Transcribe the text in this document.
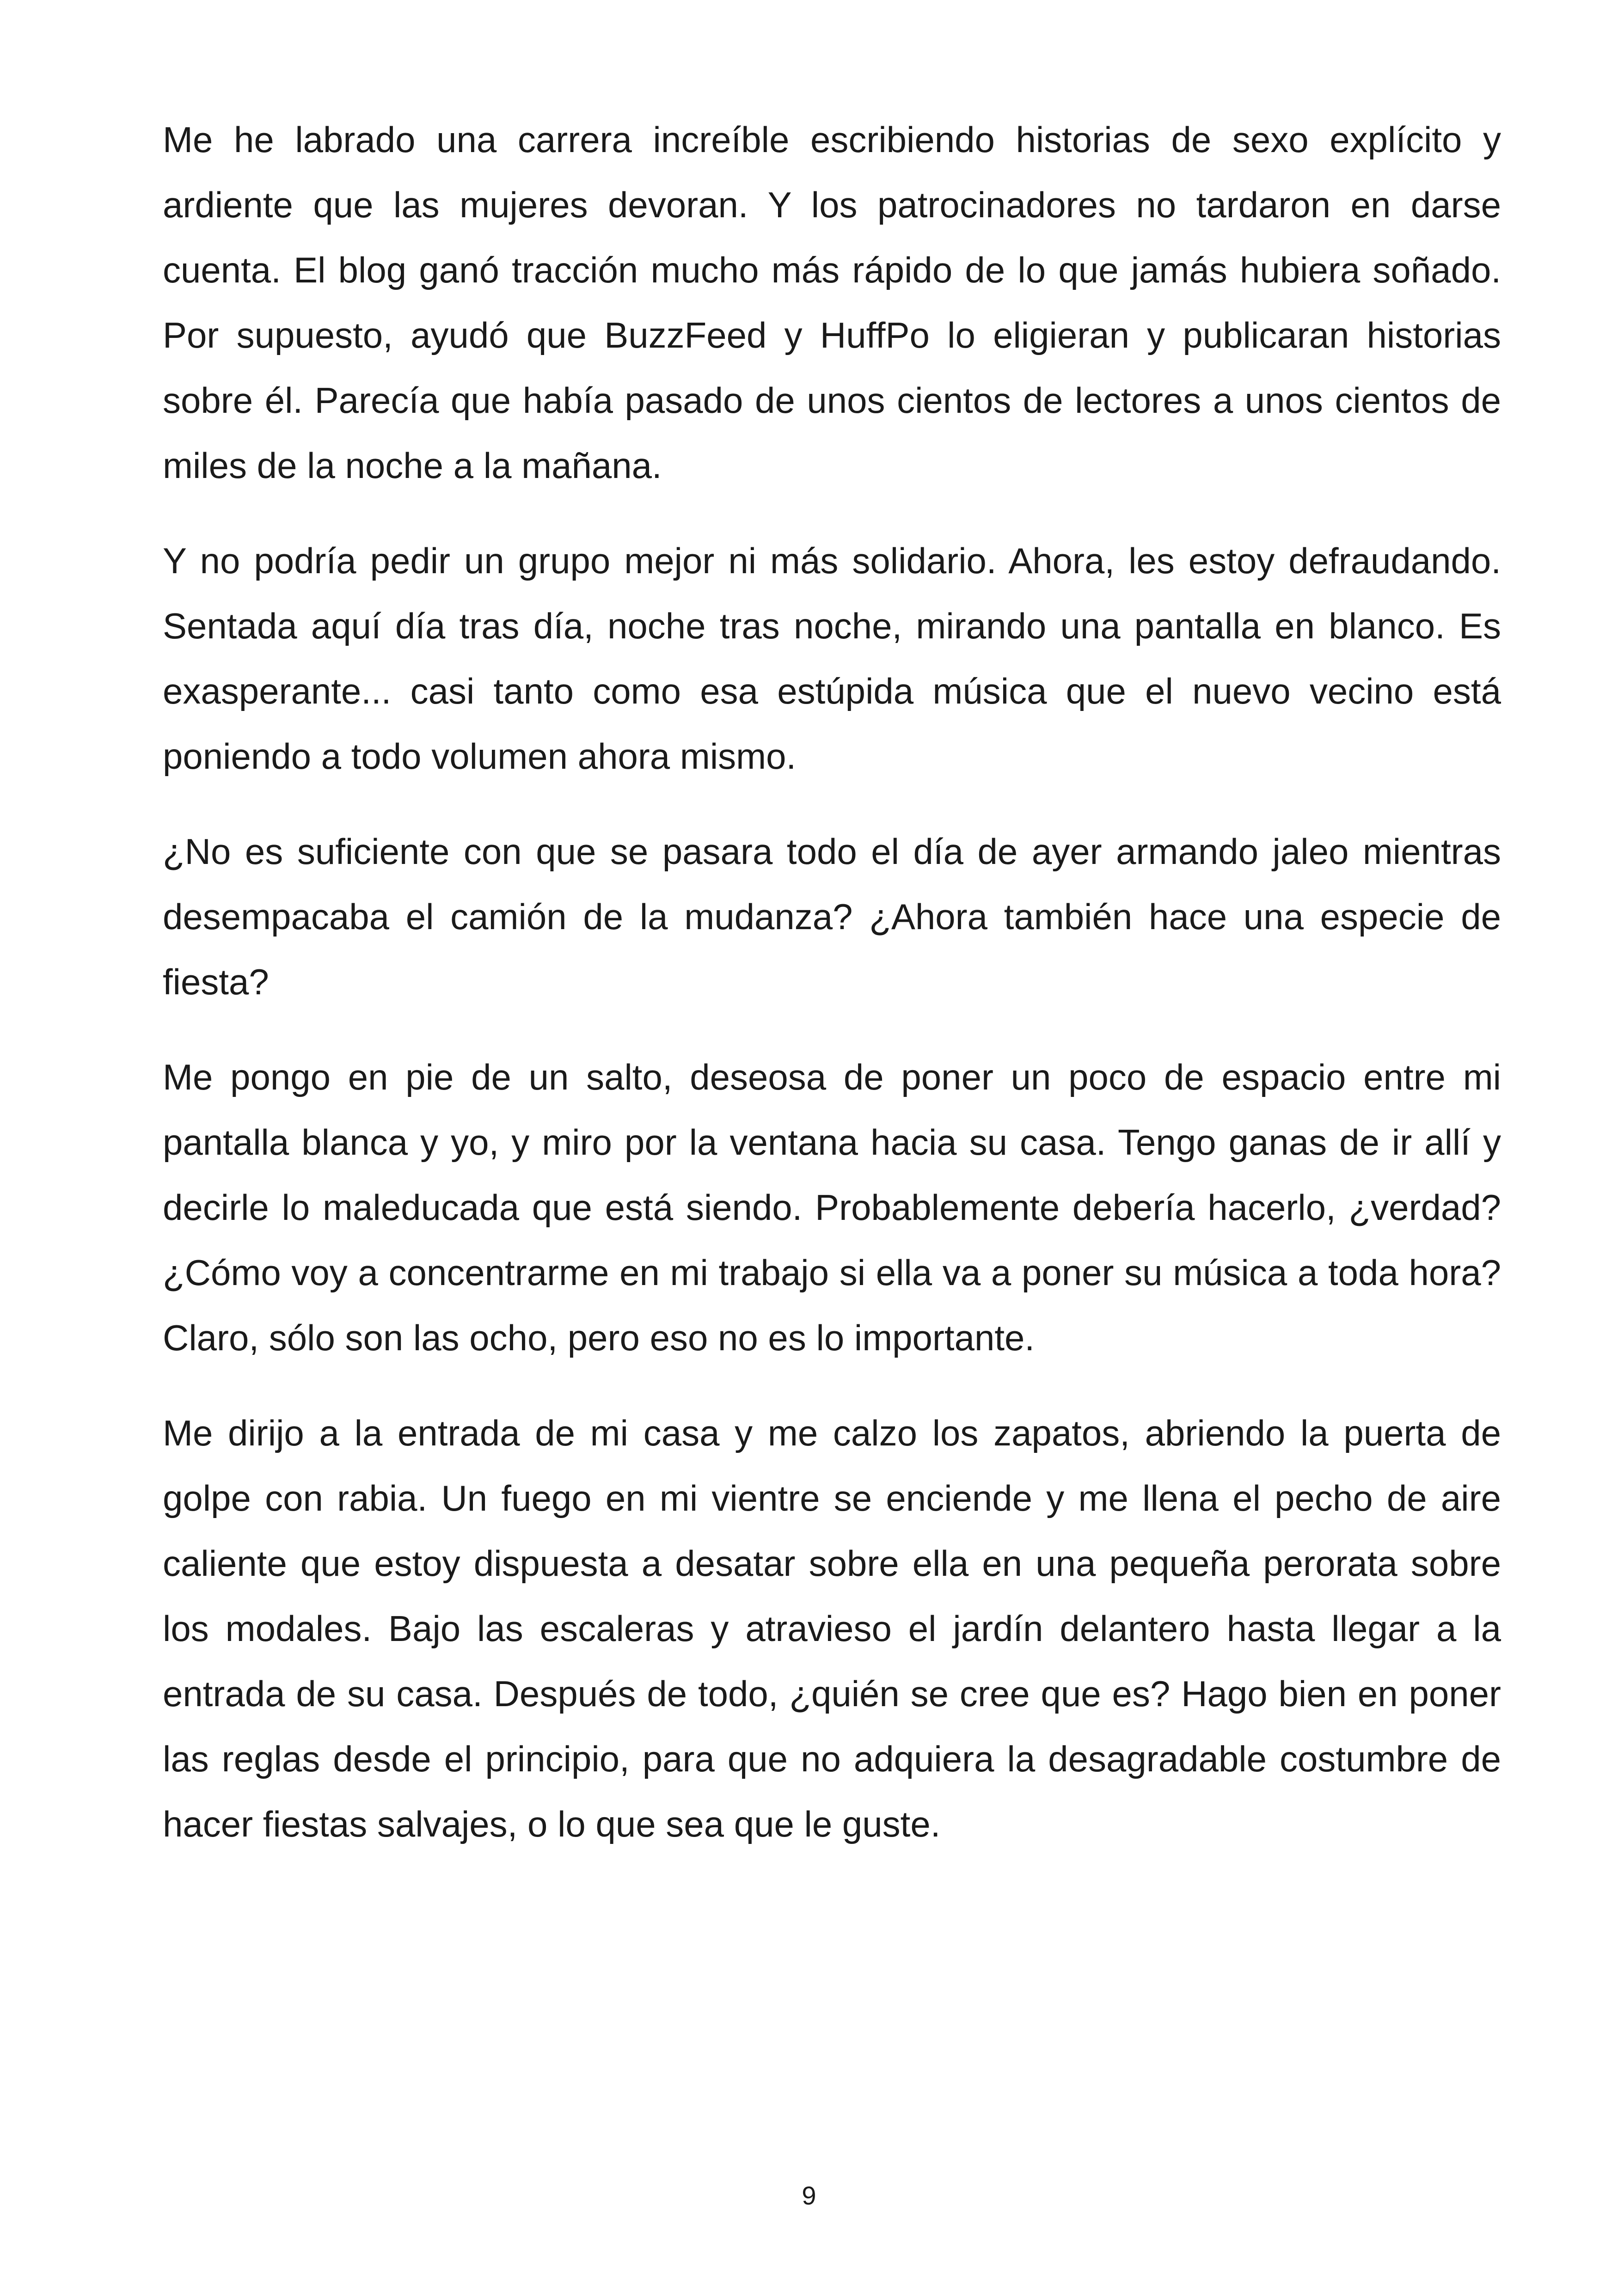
Me he labrado una carrera increíble escribiendo historias de sexo explícito y ardiente que las mujeres devoran. Y los patrocinadores no tardaron en darse cuenta. El blog ganó tracción mucho más rápido de lo que jamás hubiera soñado. Por supuesto, ayudó que BuzzFeed y HuffPo lo eligieran y publicaran historias sobre él. Parecía que había pasado de unos cientos de lectores a unos cientos de miles de la noche a la mañana.

Y no podría pedir un grupo mejor ni más solidario. Ahora, les estoy defraudando. Sentada aquí día tras día, noche tras noche, mirando una pantalla en blanco. Es exasperante... casi tanto como esa estúpida música que el nuevo vecino está poniendo a todo volumen ahora mismo.

¿No es suficiente con que se pasara todo el día de ayer armando jaleo mientras desempacaba el camión de la mudanza? ¿Ahora también hace una especie de fiesta?

Me pongo en pie de un salto, deseosa de poner un poco de espacio entre mi pantalla blanca y yo, y miro por la ventana hacia su casa. Tengo ganas de ir allí y decirle lo maleducada que está siendo. Probablemente debería hacerlo, ¿verdad? ¿Cómo voy a concentrarme en mi trabajo si ella va a poner su música a toda hora? Claro, sólo son las ocho, pero eso no es lo importante.

Me dirijo a la entrada de mi casa y me calzo los zapatos, abriendo la puerta de golpe con rabia. Un fuego en mi vientre se enciende y me llena el pecho de aire caliente que estoy dispuesta a desatar sobre ella en una pequeña perorata sobre los modales. Bajo las escaleras y atravieso el jardín delantero hasta llegar a la entrada de su casa. Después de todo, ¿quién se cree que es? Hago bien en poner las reglas desde el principio, para que no adquiera la desagradable costumbre de hacer fiestas salvajes, o lo que sea que le guste.

9
